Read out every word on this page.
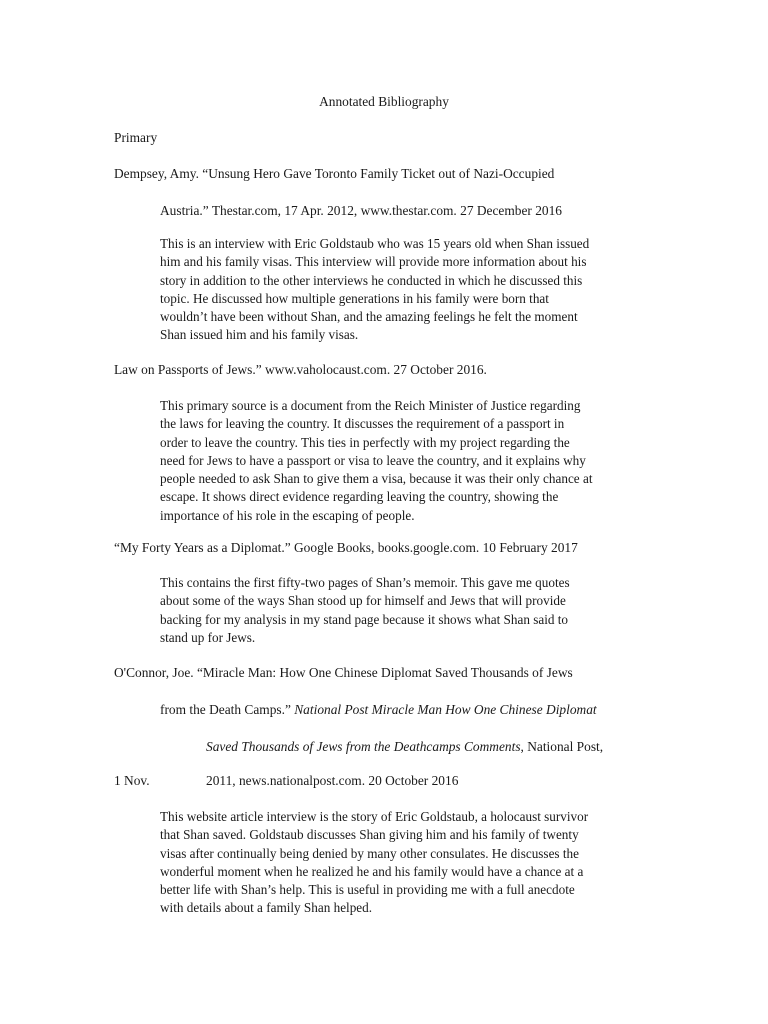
Annotated Bibliography
Primary
Dempsey, Amy. “Unsung Hero Gave Toronto Family Ticket out of Nazi-Occupied
Austria.” Thestar.com, 17 Apr. 2012, www.thestar.com. 27 December 2016

This is an interview with Eric Goldstaub who was 15 years old when Shan issued

him and his family visas. This interview will provide more information about his

story in addition to the other interviews he conducted in which he discussed this

topic. He discussed how multiple generations in his family were born that

wouldn’t have been without Shan, and the amazing feelings he felt the moment

Shan issued him and his family visas.

Law on Passports of Jews.” www.vaholocaust.com. 27 October 2016.

This primary source is a document from the Reich Minister of Justice regarding

the laws for leaving the country. It discusses the requirement of a passport in

order to leave the country. This ties in perfectly with my project regarding the

need for Jews to have a passport or visa to leave the country, and it explains why

people needed to ask Shan to give them a visa, because it was their only chance at

escape. It shows direct evidence regarding leaving the country, showing the

importance of his role in the escaping of people.

“My Forty Years as a Diplomat.” Google Books, books.google.com. 10 February 2017

This contains the first fifty-two pages of Shan’s memoir. This gave me quotes

about some of the ways Shan stood up for himself and Jews that will provide

backing for my analysis in my stand page because it shows what Shan said to

stand up for Jews.

O'Connor, Joe. “Miracle Man: How One Chinese Diplomat Saved Thousands of Jews
from the Death Camps.” National Post Miracle Man How One Chinese Diplomat
Saved Thousands of Jews from the Deathcamps Comments, National Post,
1 Nov.	2011, news.nationalpost.com. 20 October 2016

This website article interview is the story of Eric Goldstaub, a holocaust survivor

that Shan saved. Goldstaub discusses Shan giving him and his family of twenty

visas after continually being denied by many other consulates. He discusses the

wonderful moment when he realized he and his family would have a chance at a

better life with Shan’s help. This is useful in providing me with a full anecdote

with details about a family Shan helped.
